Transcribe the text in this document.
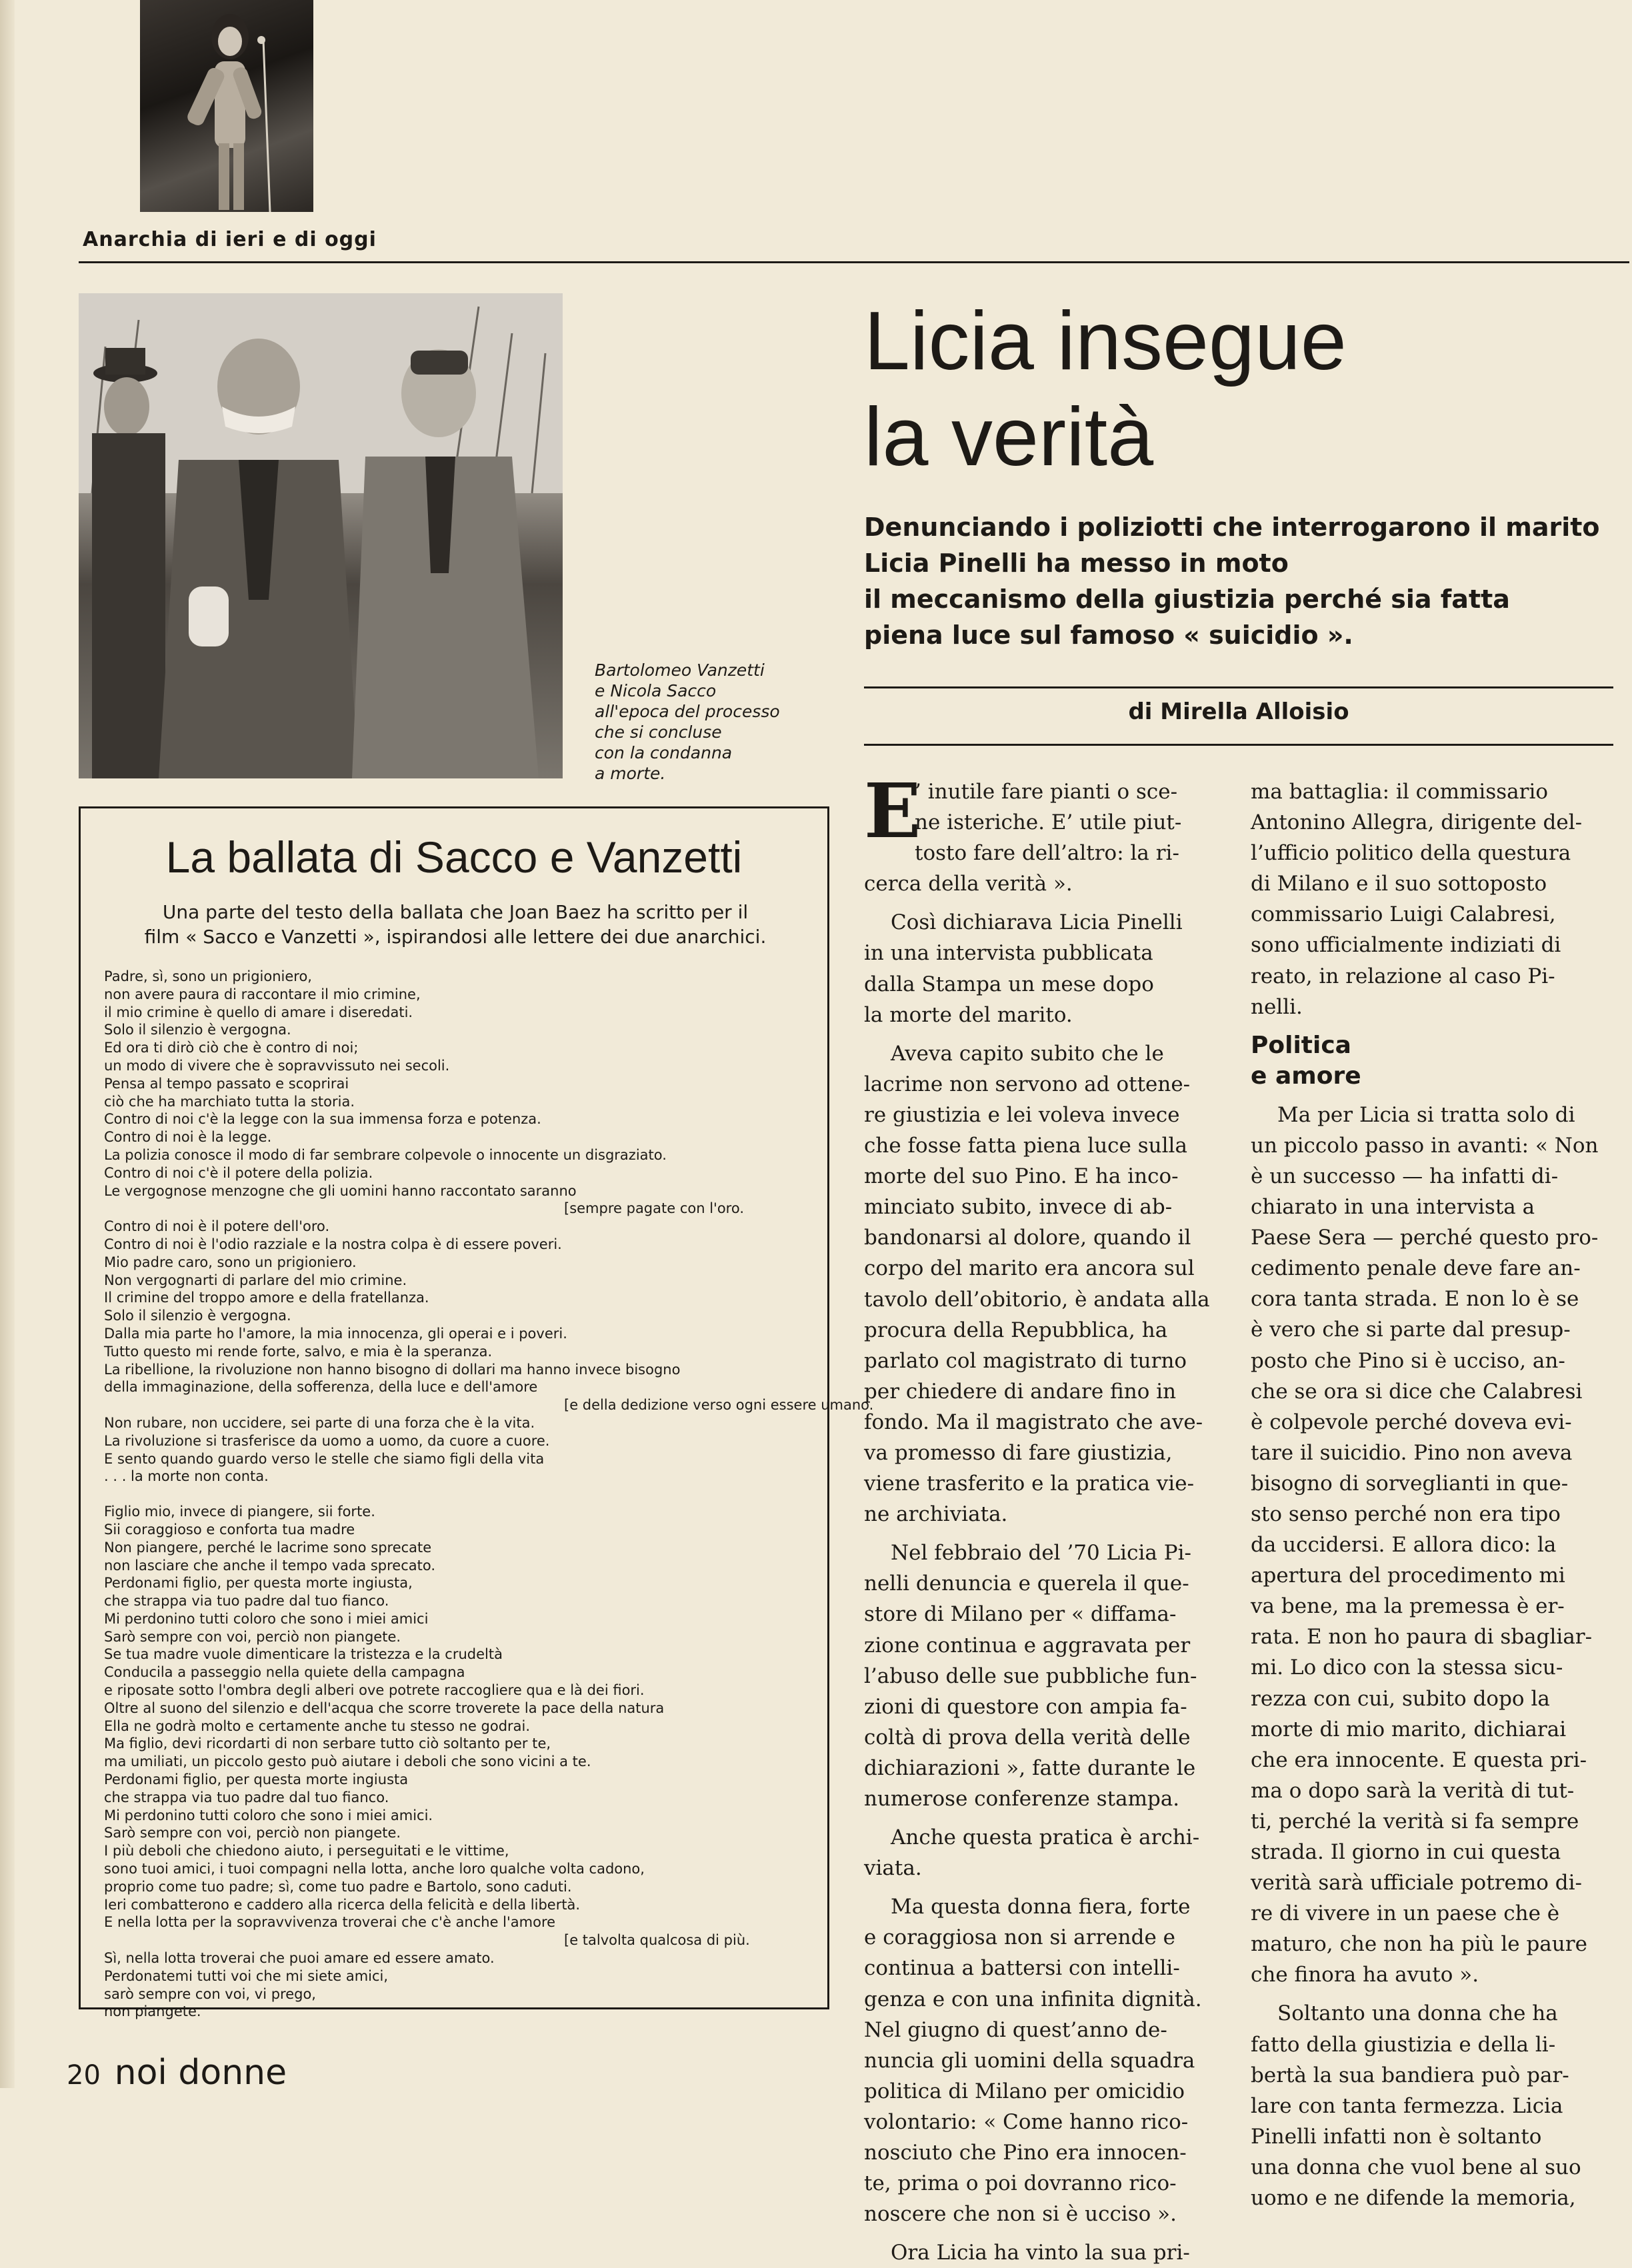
Anarchia di ieri e di oggi
Bartolomeo Vanzetti
e Nicola Sacco
all'epoca del processo
che si concluse
con la condanna
a morte.
Licia insegue
la verità
Denunciando i poliziotti che interrogarono il marito
Licia Pinelli ha messo in moto
il meccanismo della giustizia perché sia fatta
piena luce sul famoso « suicidio ».
di Mirella Alloisio
La ballata di Sacco e Vanzetti
Una parte del testo della ballata che Joan Baez ha scritto per il
film « Sacco e Vanzetti », ispirandosi alle lettere dei due anarchici.
Padre, sì, sono un prigioniero,
non avere paura di raccontare il mio crimine,
il mio crimine è quello di amare i diseredati.
Solo il silenzio è vergogna.
Ed ora ti dirò ciò che è contro di noi;
un modo di vivere che è sopravvissuto nei secoli.
Pensa al tempo passato e scoprirai
ciò che ha marchiato tutta la storia.
Contro di noi c'è la legge con la sua immensa forza e potenza.
Contro di noi è la legge.
La polizia conosce il modo di far sembrare colpevole o innocente un disgraziato.
Contro di noi c'è il potere della polizia.
Le vergognose menzogne che gli uomini hanno raccontato saranno
[sempre pagate con l'oro.
Contro di noi è il potere dell'oro.
Contro di noi è l'odio razziale e la nostra colpa è di essere poveri.
Mio padre caro, sono un prigioniero.
Non vergognarti di parlare del mio crimine.
Il crimine del troppo amore e della fratellanza.
Solo il silenzio è vergogna.
Dalla mia parte ho l'amore, la mia innocenza, gli operai e i poveri.
Tutto questo mi rende forte, salvo, e mia è la speranza.
La ribellione, la rivoluzione non hanno bisogno di dollari ma hanno invece bisogno
della immaginazione, della sofferenza, della luce e dell'amore
[e della dedizione verso ogni essere umano.
Non rubare, non uccidere, sei parte di una forza che è la vita.
La rivoluzione si trasferisce da uomo a uomo, da cuore a cuore.
E sento quando guardo verso le stelle che siamo figli della vita
. . . la morte non conta.
Figlio mio, invece di piangere, sii forte.
Sii coraggioso e conforta tua madre
Non piangere, perché le lacrime sono sprecate
non lasciare che anche il tempo vada sprecato.
Perdonami figlio, per questa morte ingiusta,
che strappa via tuo padre dal tuo fianco.
Mi perdonino tutti coloro che sono i miei amici
Sarò sempre con voi, perciò non piangete.
Se tua madre vuole dimenticare la tristezza e la crudeltà
Conducila a passeggio nella quiete della campagna
e riposate sotto l'ombra degli alberi ove potrete raccogliere qua e là dei fiori.
Oltre al suono del silenzio e dell'acqua che scorre troverete la pace della natura
Ella ne godrà molto e certamente anche tu stesso ne godrai.
Ma figlio, devi ricordarti di non serbare tutto ciò soltanto per te,
ma umiliati, un piccolo gesto può aiutare i deboli che sono vicini a te.
Perdonami figlio, per questa morte ingiusta
che strappa via tuo padre dal tuo fianco.
Mi perdonino tutti coloro che sono i miei amici.
Sarò sempre con voi, perciò non piangete.
I più deboli che chiedono aiuto, i perseguitati e le vittime,
sono tuoi amici, i tuoi compagni nella lotta, anche loro qualche volta cadono,
proprio come tuo padre; sì, come tuo padre e Bartolo, sono caduti.
Ieri combatterono e caddero alla ricerca della felicità e della libertà.
E nella lotta per la sopravvivenza troverai che c'è anche l'amore
[e talvolta qualcosa di più.
Sì, nella lotta troverai che puoi amare ed essere amato.
Perdonatemi tutti voi che mi siete amici,
sarò sempre con voi, vi prego,
non piangete.
E
’ inutile fare pianti o sce-
ne isteriche. E’ utile piut-
tosto fare dell’altro: la ri-
cerca della verità ».
Così dichiarava Licia Pinelli
in una intervista pubblicata
dalla Stampa un mese dopo
la morte del marito.
Aveva capito subito che le
lacrime non servono ad ottene-
re giustizia e lei voleva invece
che fosse fatta piena luce sulla
morte del suo Pino. E ha inco-
minciato subito, invece di ab-
bandonarsi al dolore, quando il
corpo del marito era ancora sul
tavolo dell’obitorio, è andata alla
procura della Repubblica, ha
parlato col magistrato di turno
per chiedere di andare fino in
fondo. Ma il magistrato che ave-
va promesso di fare giustizia,
viene trasferito e la pratica vie-
ne archiviata.
Nel febbraio del ’70 Licia Pi-
nelli denuncia e querela il que-
store di Milano per « diffama-
zione continua e aggravata per
l’abuso delle sue pubbliche fun-
zioni di questore con ampia fa-
coltà di prova della verità delle
dichiarazioni », fatte durante le
numerose conferenze stampa.
Anche questa pratica è archi-
viata.
Ma questa donna fiera, forte
e coraggiosa non si arrende e
continua a battersi con intelli-
genza e con una infinita dignità.
Nel giugno di quest’anno de-
nuncia gli uomini della squadra
politica di Milano per omicidio
volontario: « Come hanno rico-
nosciuto che Pino era innocen-
te, prima o poi dovranno rico-
noscere che non si è ucciso ».
Ora Licia ha vinto la sua pri-
ma battaglia: il commissario
Antonino Allegra, dirigente del-
l’ufficio politico della questura
di Milano e il suo sottoposto
commissario Luigi Calabresi,
sono ufficialmente indiziati di
reato, in relazione al caso Pi-
nelli.
Politica
e amore
Ma per Licia si tratta solo di
un piccolo passo in avanti: « Non
è un successo — ha infatti di-
chiarato in una intervista a
Paese Sera — perché questo pro-
cedimento penale deve fare an-
cora tanta strada. E non lo è se
è vero che si parte dal presup-
posto che Pino si è ucciso, an-
che se ora si dice che Calabresi
è colpevole perché doveva evi-
tare il suicidio. Pino non aveva
bisogno di sorveglianti in que-
sto senso perché non era tipo
da uccidersi. E allora dico: la
apertura del procedimento mi
va bene, ma la premessa è er-
rata. E non ho paura di sbagliar-
mi. Lo dico con la stessa sicu-
rezza con cui, subito dopo la
morte di mio marito, dichiarai
che era innocente. E questa pri-
ma o dopo sarà la verità di tut-
ti, perché la verità si fa sempre
strada. Il giorno in cui questa
verità sarà ufficiale potremo di-
re di vivere in un paese che è
maturo, che non ha più le paure
che finora ha avuto ».
Soltanto una donna che ha
fatto della giustizia e della li-
bertà la sua bandiera può par-
lare con tanta fermezza. Licia
Pinelli infatti non è soltanto
una donna che vuol bene al suo
uomo e ne difende la memoria,
20 noi donne
